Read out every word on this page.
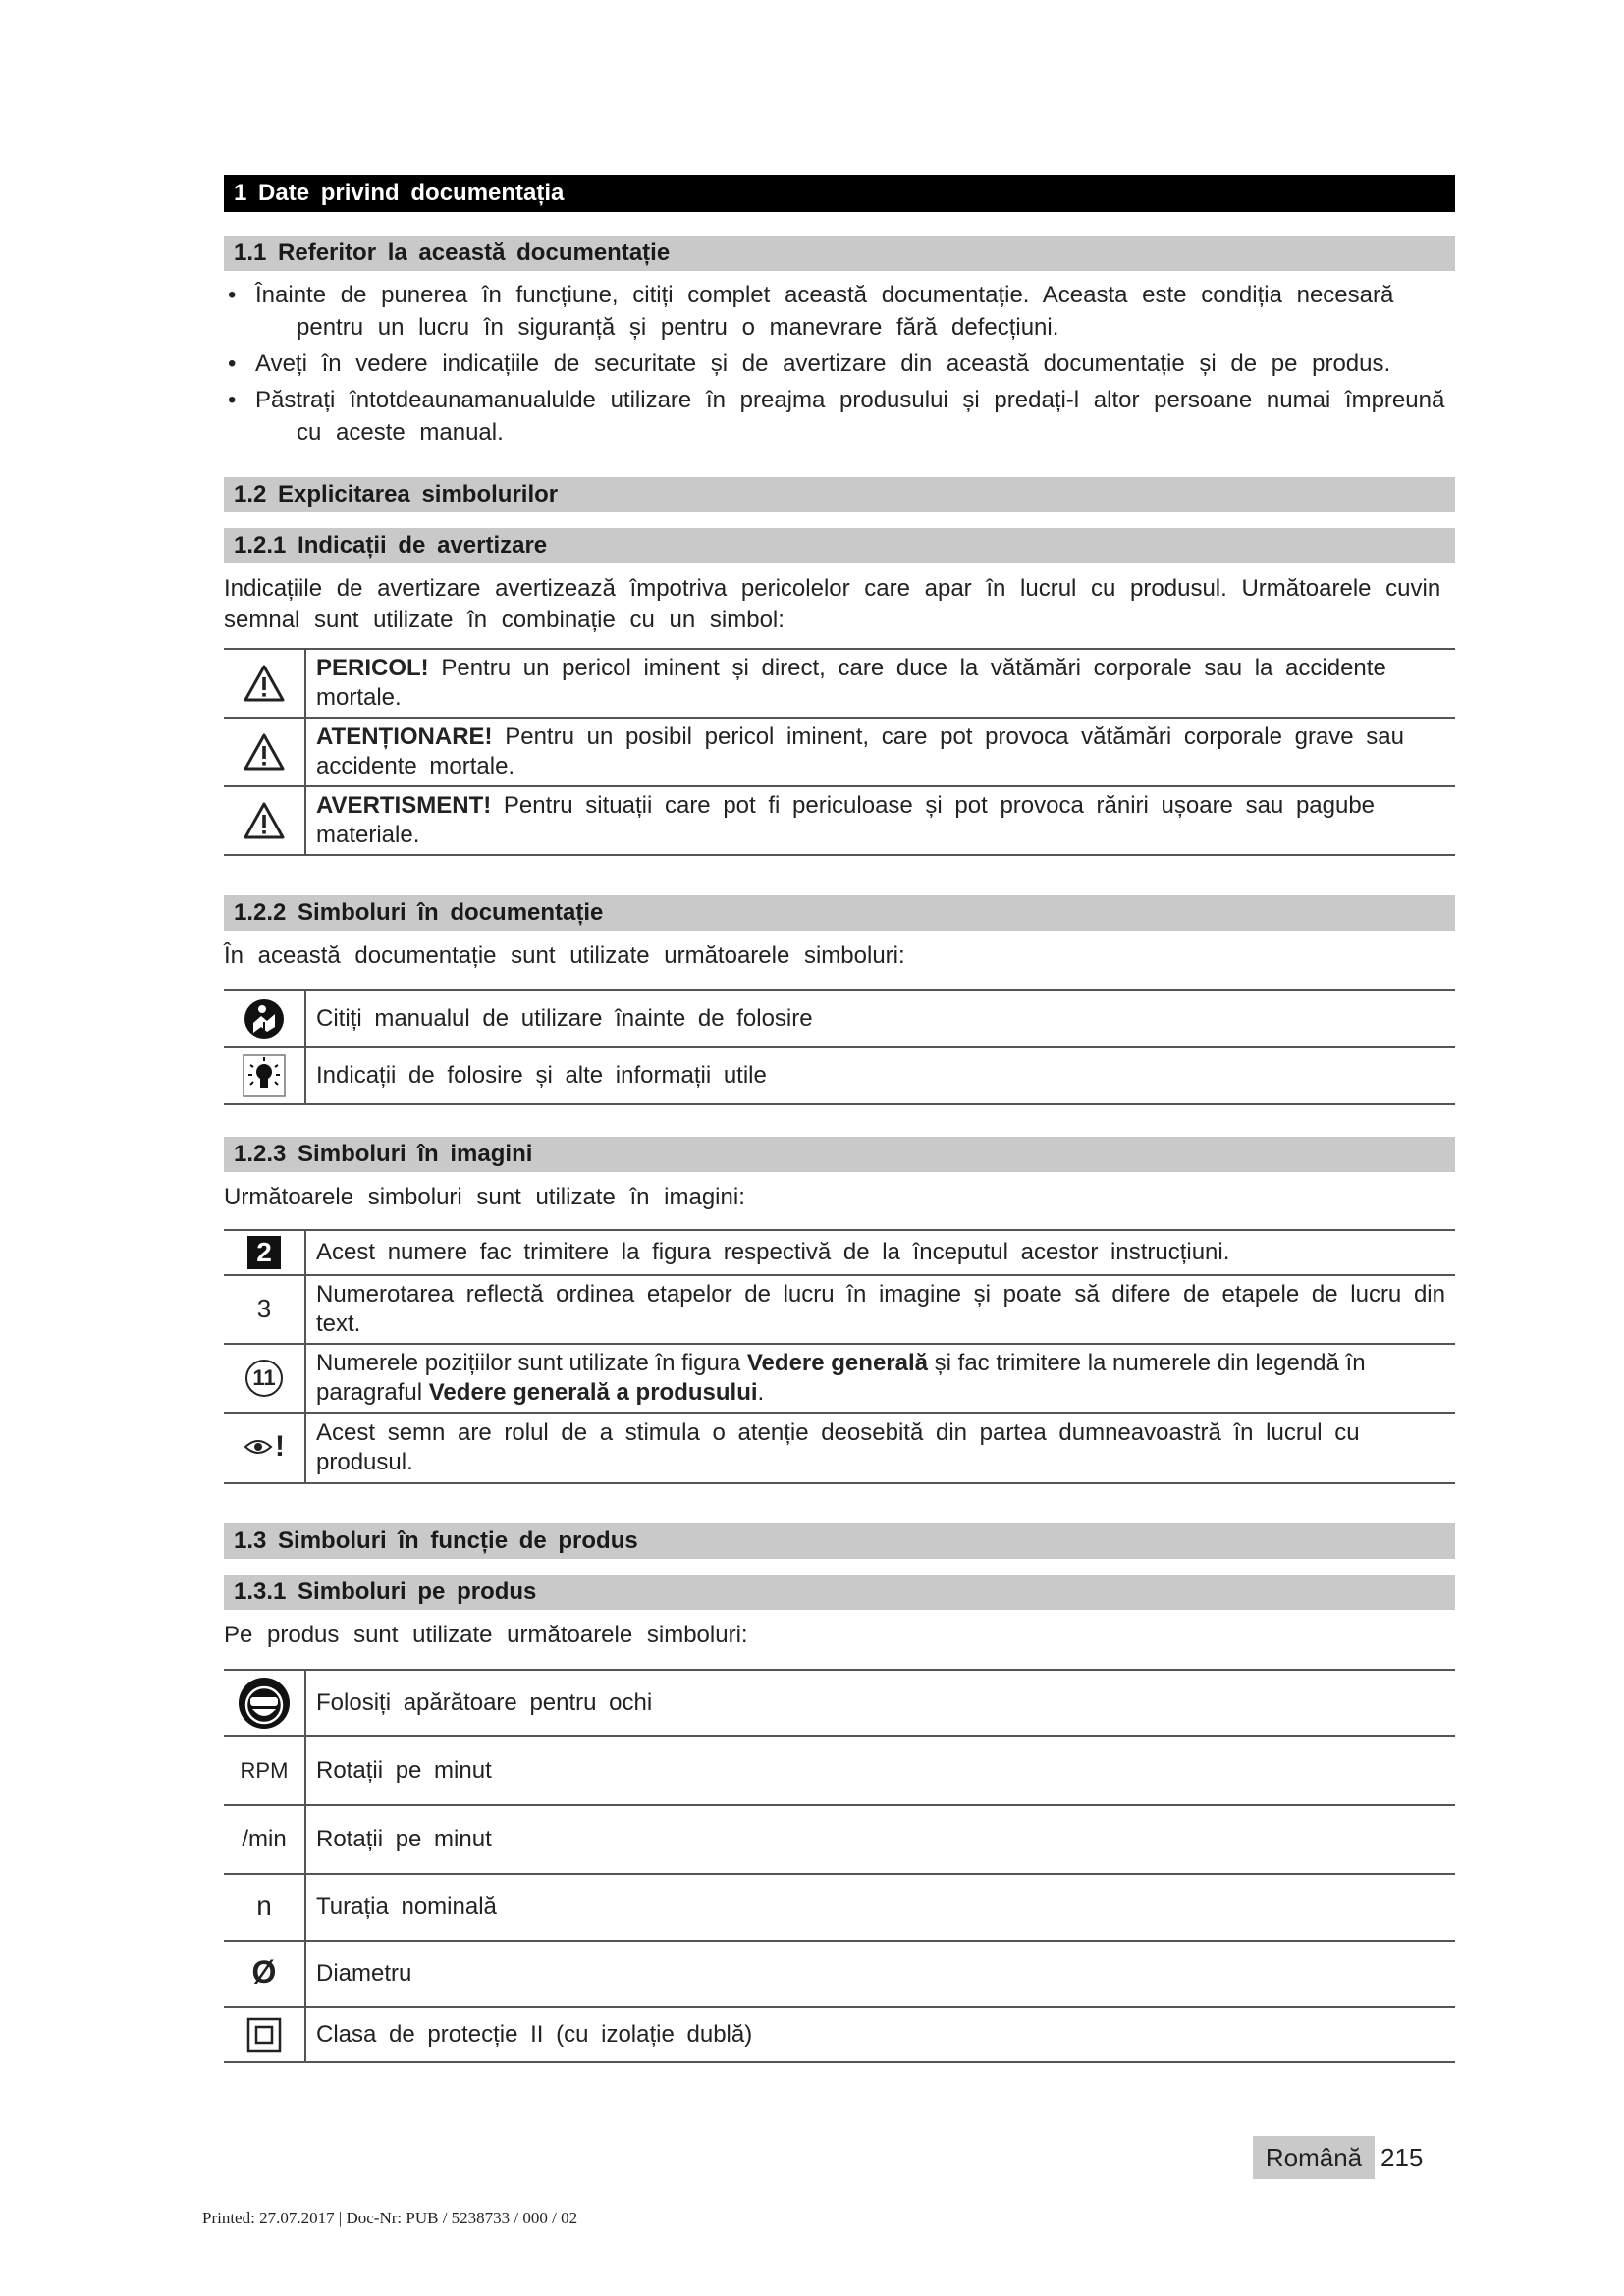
1 Date privind documentația
1.1 Referitor la această documentație
• Înainte de punerea în funcțiune, citiți complet această documentație. Aceasta este condiția necesară
pentru un lucru în siguranță și pentru o manevrare fără defecțiuni.
• Aveți în vedere indicațiile de securitate și de avertizare din această documentație și de pe produs.
• Păstrați întotdeaunamanualulde utilizare în preajma produsului și predați-l altor persoane numai împreună
cu aceste manual.
1.2 Explicitarea simbolurilor
1.2.1 Indicații de avertizare
Indicațiile de avertizare avertizează împotriva pericolelor care apar în lucrul cu produsul. Următoarele cuvin
semnal sunt utilizate în combinație cu un simbol:
	PERICOL! Pentru un pericol iminent și direct, care duce la vătămări corporale sau la accidente mortale.

	ATENȚIONARE! Pentru un posibil pericol iminent, care pot provoca vătămări corporale grave sau accidente mortale.

	AVERTISMENT! Pentru situații care pot fi periculoase și pot provoca răniri ușoare sau pagube materiale.
1.2.2 Simboluri în documentație
În această documentație sunt utilizate următoarele simboluri:
	Citiți manualul de utilizare înainte de folosire

	Indicații de folosire și alte informații utile
1.2.3 Simboluri în imagini
Următoarele simboluri sunt utilizate în imagini:
2	Acest numere fac trimitere la figura respectivă de la începutul acestor instrucțiuni.
3	Numerotarea reflectă ordinea etapelor de lucru în imagine și poate să difere de etapele de lucru din text.
11	Numerele pozițiilor sunt utilizate în figura Vedere generală și fac trimitere la numerele din legendă în paragraful Vedere generală a produsului.

!	Acest semn are rolul de a stimula o atenție deosebită din partea dumneavoastră în lucrul cu produsul.
1.3 Simboluri în funcție de produs
1.3.1 Simboluri pe produs
Pe produs sunt utilizate următoarele simboluri:
	Folosiți apărătoare pentru ochi
RPM	Rotații pe minut
/min	Rotații pe minut
n	Turația nominală
Ø	Diametru

	Clasa de protecție II (cu izolație dublă)
Română 215
Printed: 27.07.2017 | Doc-Nr: PUB / 5238733 / 000 / 02
